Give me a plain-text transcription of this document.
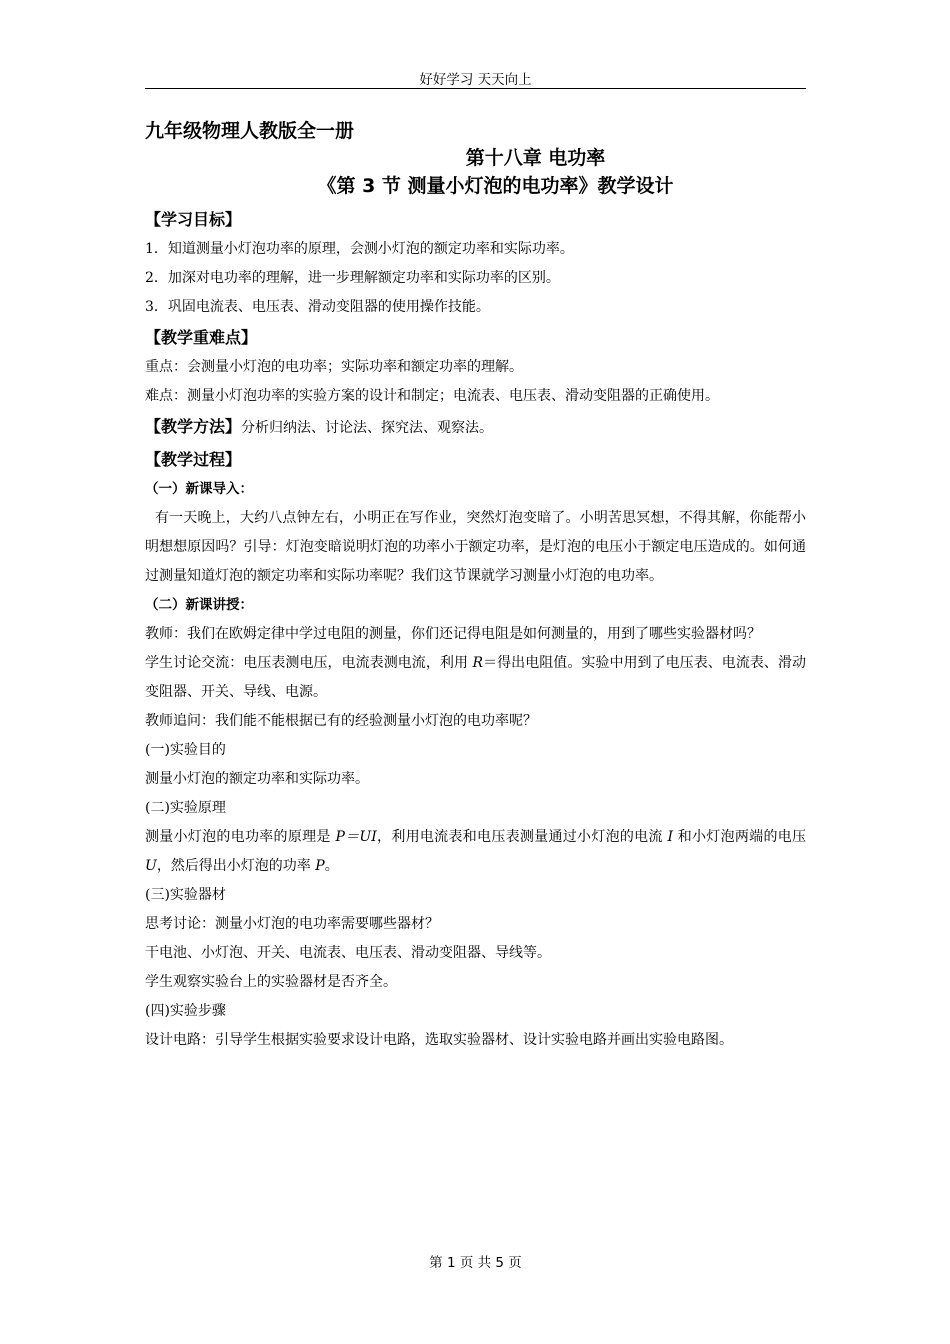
好好学习 天天向上
九年级物理人教版全一册
第十八章 电功率
《第 3 节 测量小灯泡的电功率》教学设计
【学习目标】

1．知道测量小灯泡功率的原理，会测小灯泡的额定功率和实际功率。

2．加深对电功率的理解，进一步理解额定功率和实际功率的区别。

3．巩固电流表、电压表、滑动变阻器的使用操作技能。

【教学重难点】

重点：会测量小灯泡的电功率；实际功率和额定功率的理解。

难点：测量小灯泡功率的实验方案的设计和制定；电流表、电压表、滑动变阻器的正确使用。

【教学方法】分析归纳法、讨论法、探究法、观察法。
【教学过程】
（一）新课导入：

有一天晚上，大约八点钟左右，小明正在写作业，突然灯泡变暗了。小明苦思冥想，不得其解，你能帮小明想想原因吗？引导：灯泡变暗说明灯泡的功率小于额定功率，是灯泡的电压小于额定电压造成的。如何通过测量知道灯泡的额定功率和实际功率呢？我们这节课就学习测量小灯泡的电功率。

（二）新课讲授：

教师：我们在欧姆定律中学过电阻的测量，你们还记得电阻是如何测量的，用到了哪些实验器材吗？

学生讨论交流：电压表测电压，电流表测电流，利用 R＝得出电阻值。实验中用到了电压表、电流表、滑动变阻器、开关、导线、电源。

教师追问：我们能不能根据已有的经验测量小灯泡的电功率呢？

(一)实验目的

测量小灯泡的额定功率和实际功率。

(二)实验原理

测量小灯泡的电功率的原理是 P＝UI，利用电流表和电压表测量通过小灯泡的电流 I 和小灯泡两端的电压 U，然后得出小灯泡的功率 P。

(三)实验器材

思考讨论：测量小灯泡的电功率需要哪些器材？

干电池、小灯泡、开关、电流表、电压表、滑动变阻器、导线等。

学生观察实验台上的实验器材是否齐全。

(四)实验步骤

设计电路：引导学生根据实验要求设计电路，选取实验器材、设计实验电路并画出实验电路图。

第 1 页 共 5 页
